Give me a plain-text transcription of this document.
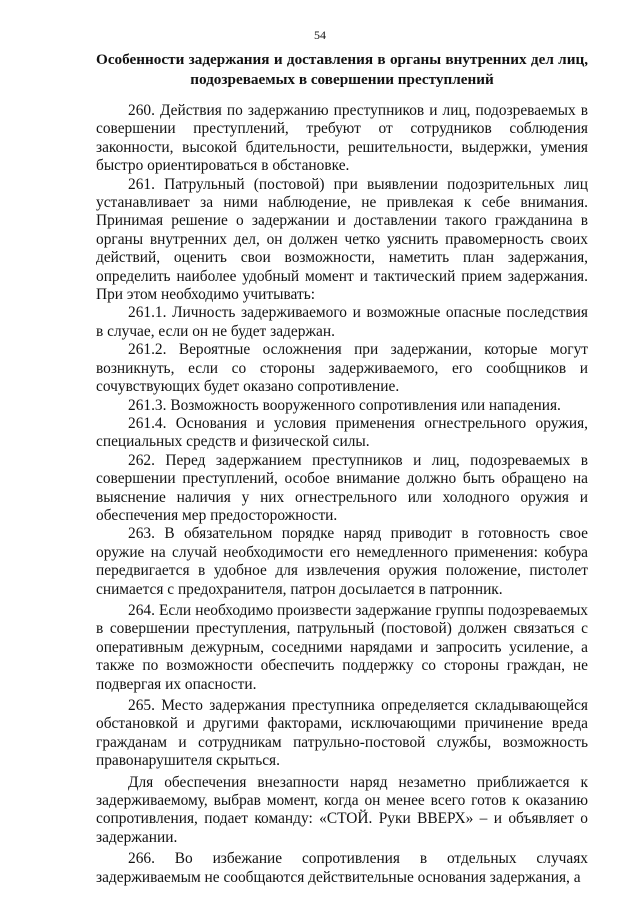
54
Особенности задержания и доставления в органы внутренних дел лиц, подозреваемых в совершении преступлений

260. Действия по задержанию преступников и лиц, подозреваемых в совершении преступлений, требуют от сотрудников соблюдения законности, высокой бдительности, решительности, выдержки, умения быстро ориентироваться в обстановке.

261. Патрульный (постовой) при выявлении подозрительных лиц устанавливает за ними наблюдение, не привлекая к себе внимания. Принимая решение о задержании и доставлении такого гражданина в органы внутренних дел, он должен четко уяснить правомерность своих действий, оценить свои возможности, наметить план задержания, определить наиболее удобный момент и тактический прием задержания. При этом необходимо учитывать:

261.1. Личность задерживаемого и возможные опасные последствия в случае, если он не будет задержан.

261.2. Вероятные осложнения при задержании, которые могут возникнуть, если со стороны задерживаемого, его сообщников и сочувствующих будет оказано сопротивление.

261.3. Возможность вооруженного сопротивления или нападения.

261.4. Основания и условия применения огнестрельного оружия, специальных средств и физической силы.

262. Перед задержанием преступников и лиц, подозреваемых в совершении преступлений, особое внимание должно быть обращено на выяснение наличия у них огнестрельного или холодного оружия и обеспечения мер предосторожности.

263. В обязательном порядке наряд приводит в готовность свое оружие на случай необходимости его немедленного применения: кобура передвигается в удобное для извлечения оружия положение, пистолет снимается с предохранителя, патрон досылается в патронник.

264. Если необходимо произвести задержание группы подозреваемых в совершении преступления, патрульный (постовой) должен связаться с оперативным дежурным, соседними нарядами и запросить усиление, а также по возможности обеспечить поддержку со стороны граждан, не подвергая их опасности.

265. Место задержания преступника определяется складывающейся обстановкой и другими факторами, исключающими причинение вреда гражданам и сотрудникам патрульно-постовой службы, возможность правонарушителя скрыться.

Для обеспечения внезапности наряд незаметно приближается к задерживаемому, выбрав момент, когда он менее всего готов к оказанию сопротивления, подает команду: «СТОЙ. Руки ВВЕРХ» – и объявляет о задержании.

266. Во избежание сопротивления в отдельных случаях задерживаемым не сообщаются действительные основания задержания, а
